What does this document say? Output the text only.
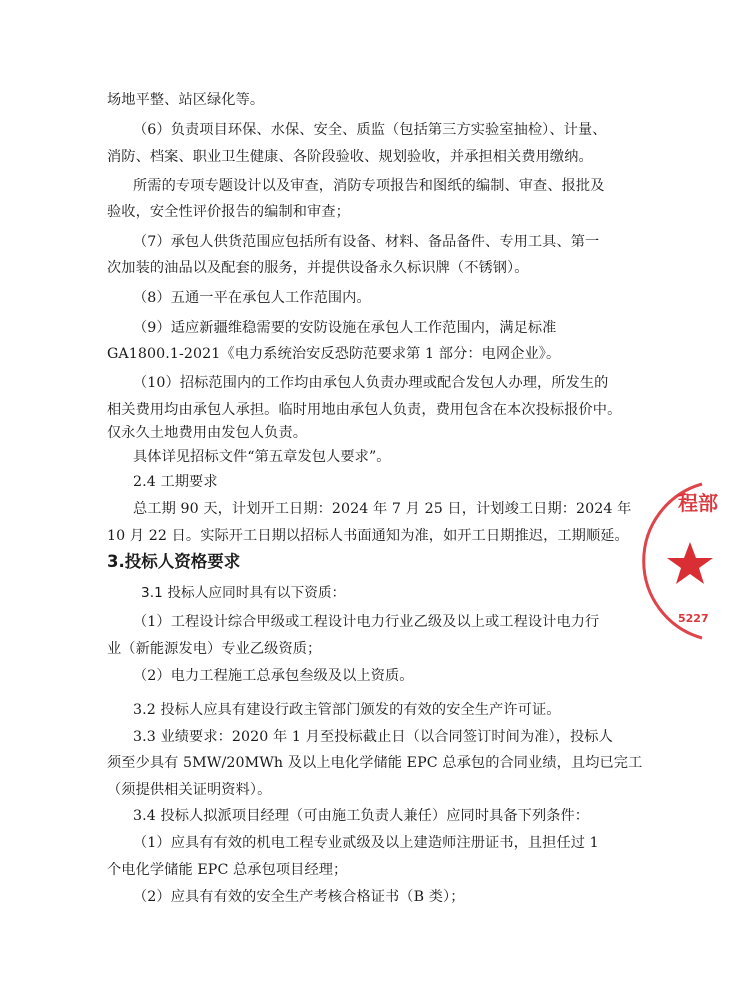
场地平整、站区绿化等。
（6）负责项目环保、水保、安全、质监（包括第三方实验室抽检）、计量、
消防、档案、职业卫生健康、各阶段验收、规划验收，并承担相关费用缴纳。
所需的专项专题设计以及审查，消防专项报告和图纸的编制、审查、报批及
验收，安全性评价报告的编制和审查；
（7）承包人供货范围应包括所有设备、材料、备品备件、专用工具、第一
次加装的油品以及配套的服务，并提供设备永久标识牌（不锈钢）。
（8）五通一平在承包人工作范围内。
（9）适应新疆维稳需要的安防设施在承包人工作范围内，满足标准
GA1800.1-2021《电力系统治安反恐防范要求第 1 部分：电网企业》。
（10）招标范围内的工作均由承包人负责办理或配合发包人办理，所发生的
相关费用均由承包人承担。临时用地由承包人负责，费用包含在本次投标报价中。
仅永久土地费用由发包人负责。
具体详见招标文件“第五章发包人要求”。
2.4 工期要求
总工期 90 天，计划开工日期：2024 年 7 月 25 日，计划竣工日期：2024 年
10 月 22 日。实际开工日期以招标人书面通知为准，如开工日期推迟，工期顺延。
3.投标人资格要求
3.1 投标人应同时具有以下资质：
（1）工程设计综合甲级或工程设计电力行业乙级及以上或工程设计电力行
业（新能源发电）专业乙级资质；
（2）电力工程施工总承包叁级及以上资质。
3.2 投标人应具有建设行政主管部门颁发的有效的安全生产许可证。
3.3 业绩要求：2020 年 1 月至投标截止日（以合同签订时间为准），投标人
须至少具有 5MW/20MWh 及以上电化学储能 EPC 总承包的合同业绩，且均已完工
（须提供相关证明资料）。
3.4 投标人拟派项目经理（可由施工负责人兼任）应同时具备下列条件：
（1）应具有有效的机电工程专业贰级及以上建造师注册证书，且担任过 1
个电化学储能 EPC 总承包项目经理；
（2）应具有有效的安全生产考核合格证书（B 类）；
程部
5227
